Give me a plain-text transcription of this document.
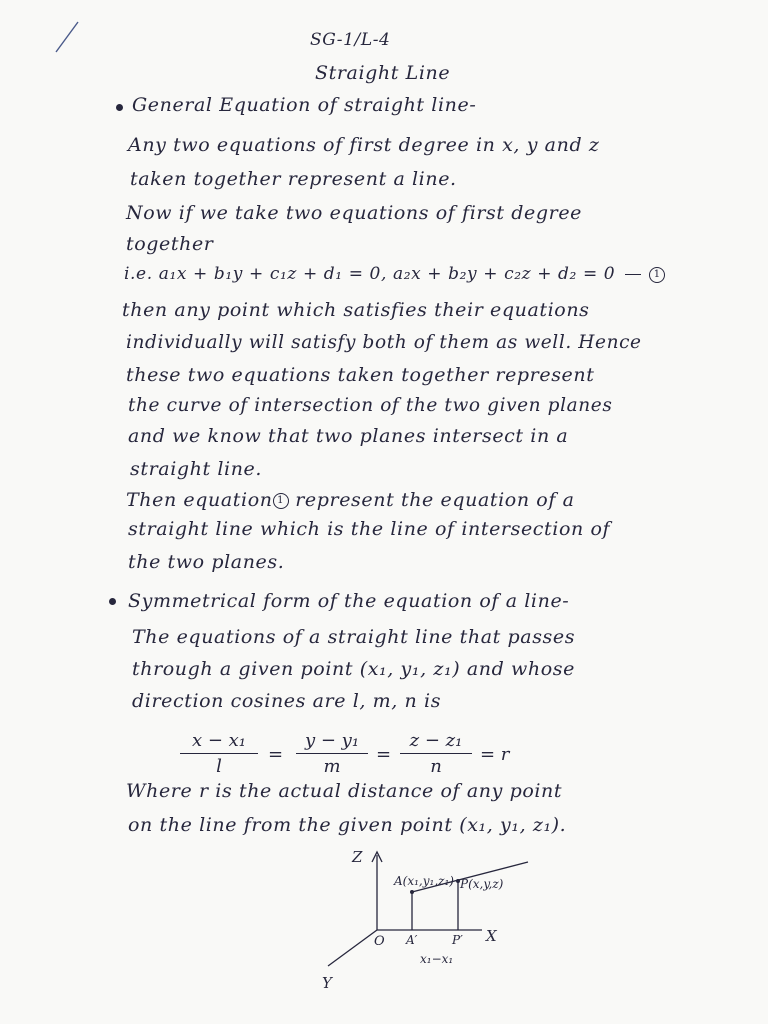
SG-1/L-4
Straight Line
General Equation of straight line-
Any two equations of first degree in x, y and z
taken together represent a line.
Now if we take two equations of first degree
together
i.e. a₁x + b₁y + c₁z + d₁ = 0, a₂x + b₂y + c₂z + d₂ = 0	1
then any point which satisfies their equations
individually will satisfy both of them as well. Hence
these two equations taken together represent
the curve of intersection of the two given planes
and we know that two planes intersect in a
straight line.
Then equation 1 represent the equation of a
straight line which is the line of intersection of
the two planes.
Symmetrical form of the equation of a line-
The equations of a straight line that passes
through a given point (x₁, y₁, z₁) and whose
direction cosines are l, m, n is
x − x₁
l
=
y − y₁
m
=
z − z₁
n
= r
Where r is the actual distance of any point
on the line from the given point (x₁, y₁, z₁).
Z
X
Y
O
A(x₁,y₁,z₁) P(x,y,z)
A′	P′
x₁−x₁
